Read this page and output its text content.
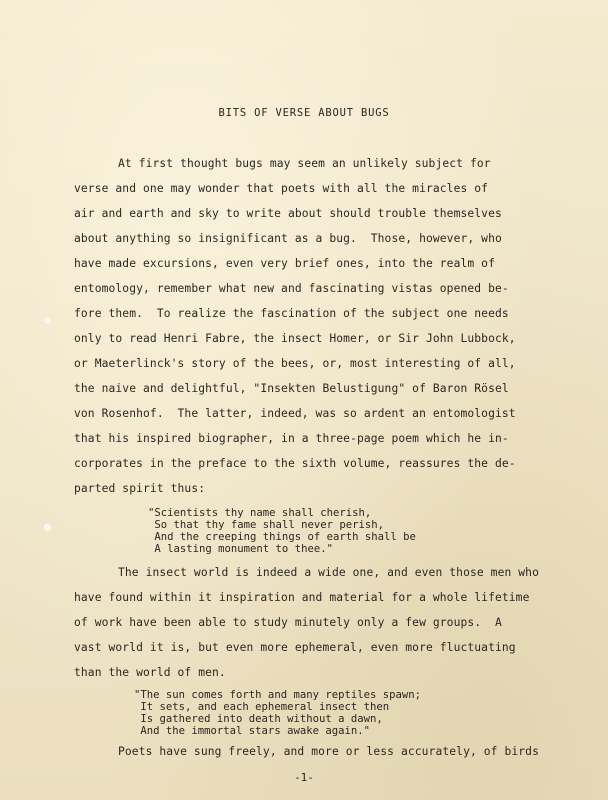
BITS OF VERSE ABOUT BUGS
At first thought bugs may seem an unlikely subject for
verse and one may wonder that poets with all the miracles of
air and earth and sky to write about should trouble themselves
about anything so insignificant as a bug.  Those, however, who
have made excursions, even very brief ones, into the realm of
entomology, remember what new and fascinating vistas opened be-
fore them.  To realize the fascination of the subject one needs
only to read Henri Fabre, the insect Homer, or Sir John Lubbock,
or Maeterlinck's story of the bees, or, most interesting of all,
the naive and delightful, "Insekten Belustigung" of Baron Rösel
von Rosenhof.  The latter, indeed, was so ardent an entomologist
that his inspired biographer, in a three-page poem which he in-
corporates in the preface to the sixth volume, reassures the de-
parted spirit thus:
"Scientists thy name shall cherish,
So that thy fame shall never perish,
And the creeping things of earth shall be
A lasting monument to thee."
The insect world is indeed a wide one, and even those men who
have found within it inspiration and material for a whole lifetime
of work have been able to study minutely only a few groups.  A
vast world it is, but even more ephemeral, even more fluctuating
than the world of men.
"The sun comes forth and many reptiles spawn;
It sets, and each ephemeral insect then
Is gathered into death without a dawn,
And the immortal stars awake again."
Poets have sung freely, and more or less accurately, of birds
-1-
